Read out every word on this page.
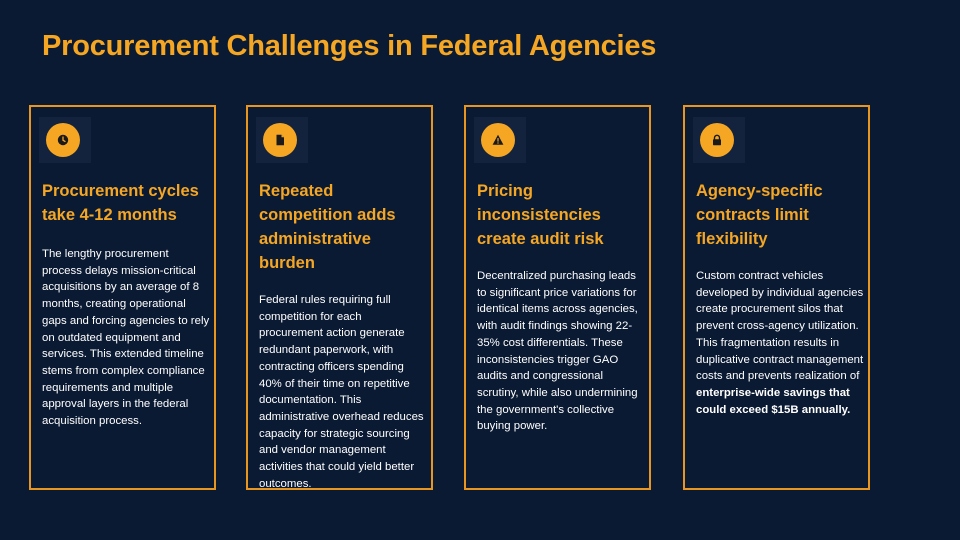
Procurement Challenges in Federal Agencies
Procurement cycles take 4-12 months

The lengthy procurement process delays mission-critical acquisitions by an average of 8 months, creating operational gaps and forcing agencies to rely on outdated equipment and services. This extended timeline stems from complex compliance requirements and multiple approval layers in the federal acquisition process.

Repeated competition adds administrative burden

Federal rules requiring full competition for each procurement action generate redundant paperwork, with contracting officers spending 40% of their time on repetitive documentation. This administrative overhead reduces capacity for strategic sourcing and vendor management activities that could yield better outcomes.

Pricing inconsistencies create audit risk

Decentralized purchasing leads to significant price variations for identical items across agencies, with audit findings showing 22-35% cost differentials. These inconsistencies trigger GAO audits and congressional scrutiny, while also undermining the government's collective buying power.

Agency-specific contracts limit flexibility

Custom contract vehicles developed by individual agencies create procurement silos that prevent cross-agency utilization. This fragmentation results in duplicative contract management costs and prevents realization of enterprise-wide savings that could exceed $15B annually.
